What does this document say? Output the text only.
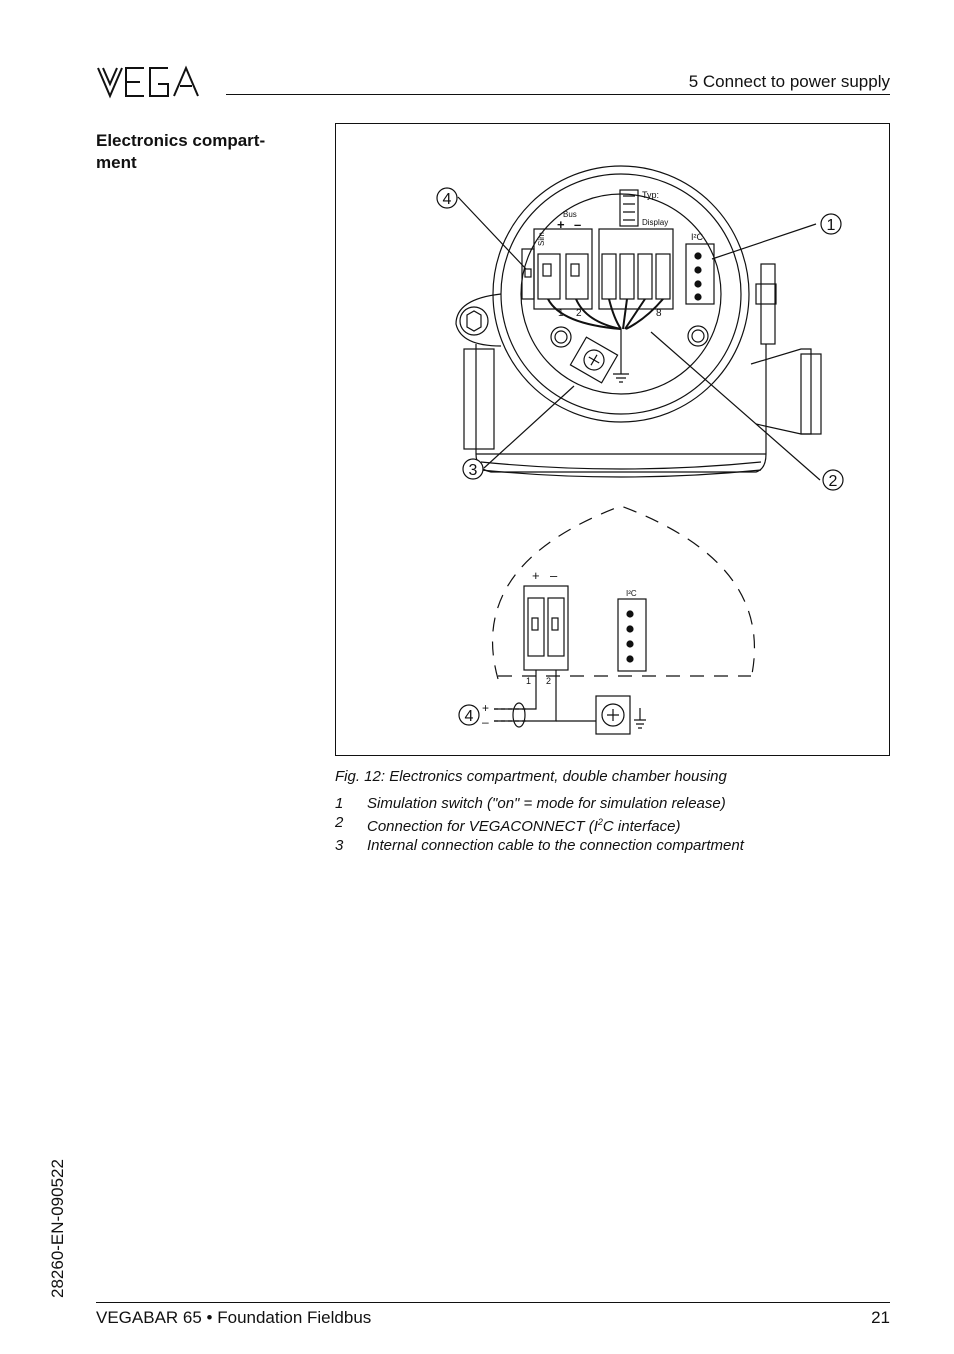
VEGA
5 Connect to power supply
Electronics compart- ment
Typ:
Bus
Display
Sim
+ –
1 2	8
I²C
+ –
I²C
1 2
+
–
4
1
3
2
4
Fig. 12: Electronics compartment, double chamber housing
1	Simulation switch ("on" = mode for simulation release)
2	Connection for VEGACONNECT ($I^2C$ interface)
3	Internal connection cable to the connection compartment
28260-EN-090522
VEGABAR 65 • Foundation Fieldbus	21
